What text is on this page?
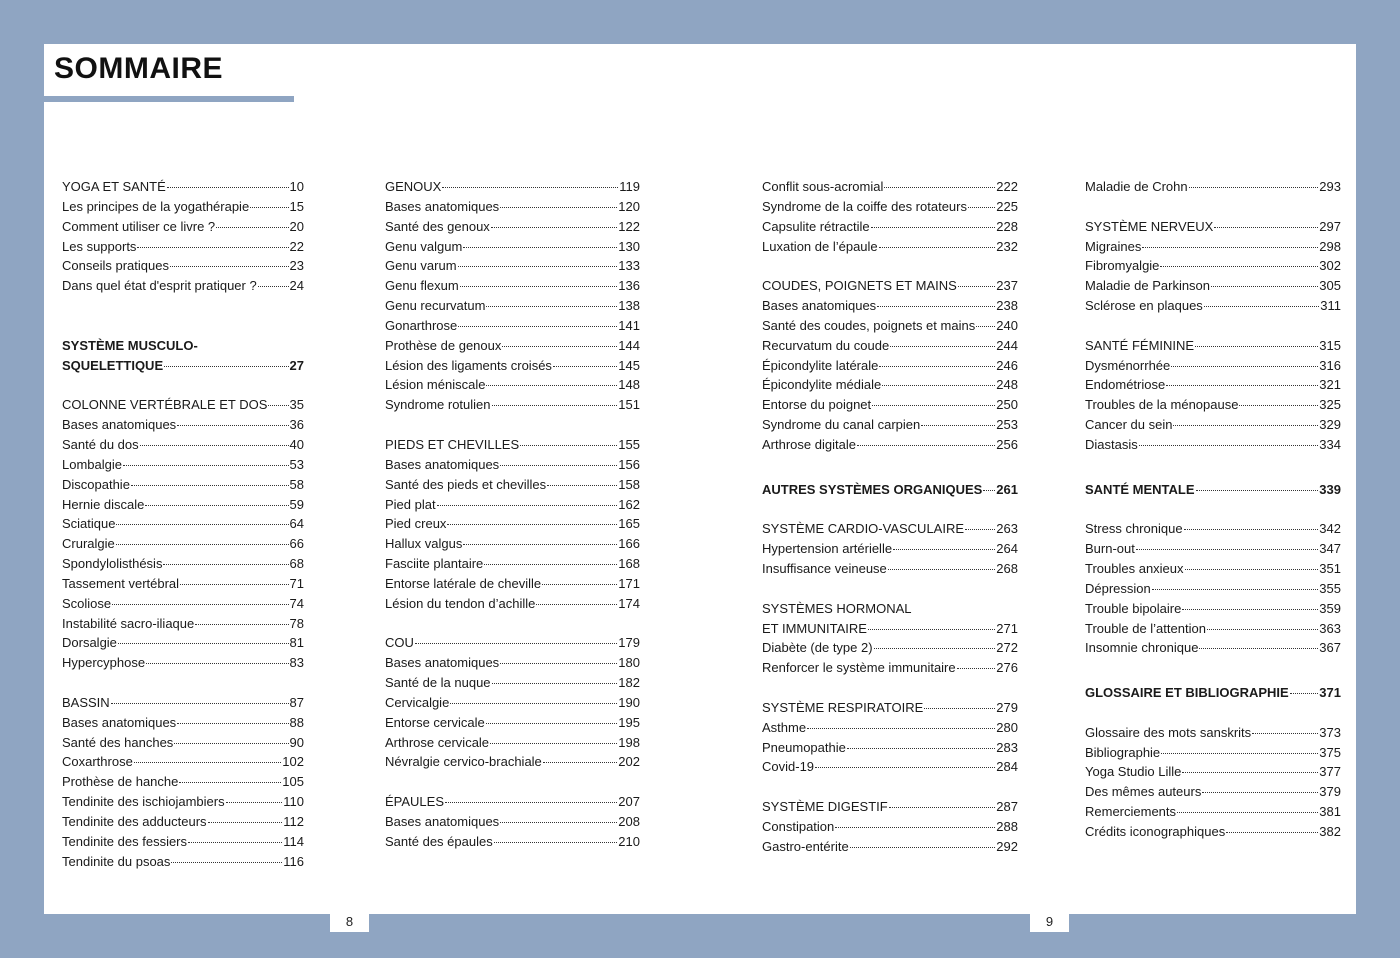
SOMMAIRE
YOGA ET SANTÉ	10
Les principes de la yogathérapie	15
Comment utiliser ce livre ?	20
Les supports	22
Conseils pratiques	23
Dans quel état d'esprit pratiquer ?	24
SYSTÈME MUSCULO-
SQUELETTIQUE	27
COLONNE VERTÉBRALE ET DOS 35
Bases anatomiques	36
Santé du dos	40
Lombalgie	53
Discopathie	58
Hernie discale	59
Sciatique	64
Cruralgie	66
Spondylolisthésis	68
Tassement vertébral	71
Scoliose	74
Instabilité sacro-iliaque	78
Dorsalgie	81
Hypercyphose	83
BASSIN	87
Bases anatomiques	88
Santé des hanches	90
Coxarthrose	102
Prothèse de hanche	105
Tendinite des ischiojambiers	110
Tendinite des adducteurs	112
Tendinite des fessiers	114
Tendinite du psoas	116
GENOUX	119
Bases anatomiques	120
Santé des genoux	122
Genu valgum	130
Genu varum	133
Genu flexum	136
Genu recurvatum	138
Gonarthrose	141
Prothèse de genoux	144
Lésion des ligaments croisés	145
Lésion méniscale	148
Syndrome rotulien	151
PIEDS ET CHEVILLES	155
Bases anatomiques	156
Santé des pieds et chevilles	158
Pied plat	162
Pied creux	165
Hallux valgus	166
Fasciite plantaire	168
Entorse latérale de cheville	171
Lésion du tendon d’achille	174
COU	179
Bases anatomiques	180
Santé de la nuque	182
Cervicalgie	190
Entorse cervicale	195
Arthrose cervicale	198
Névralgie cervico-brachiale	202
ÉPAULES	207
Bases anatomiques	208
Santé des épaules	210
Conflit sous-acromial	222
Syndrome de la coiffe des rotateurs 225
Capsulite rétractile	228
Luxation de l’épaule	232
COUDES, POIGNETS ET MAINS	237
Bases anatomiques	238
Santé des coudes, poignets et mains 240
Recurvatum du coude	244
Épicondylite latérale	246
Épicondylite médiale	248
Entorse du poignet	250
Syndrome du canal carpien	253
Arthrose digitale	256
AUTRES SYSTÈMES ORGANIQUES 261
SYSTÈME CARDIO-VASCULAIRE 263
Hypertension artérielle	264
Insuffisance veineuse	268
SYSTÈMES HORMONAL
ET IMMUNITAIRE	271
Diabète (de type 2)	272
Renforcer le système immunitaire	276
SYSTÈME RESPIRATOIRE	279
Asthme	280
Pneumopathie	283
Covid-19	284
SYSTÈME DIGESTIF	287
Constipation	288
Gastro-entérite	292
Maladie de Crohn	293
SYSTÈME NERVEUX	297
Migraines	298
Fibromyalgie	302
Maladie de Parkinson	305
Sclérose en plaques	311
SANTÉ FÉMININE	315
Dysménorrhée	316
Endométriose	321
Troubles de la ménopause	325
Cancer du sein	329
Diastasis	334
SANTÉ MENTALE	339
Stress chronique	342
Burn-out	347
Troubles anxieux	351
Dépression	355
Trouble bipolaire	359
Trouble de l’attention	363
Insomnie chronique	367
GLOSSAIRE ET BIBLIOGRAPHIE 371
Glossaire des mots sanskrits	373
Bibliographie	375
Yoga Studio Lille	377
Des mêmes auteurs	379
Remerciements	381
Crédits iconographiques	382
8	9
